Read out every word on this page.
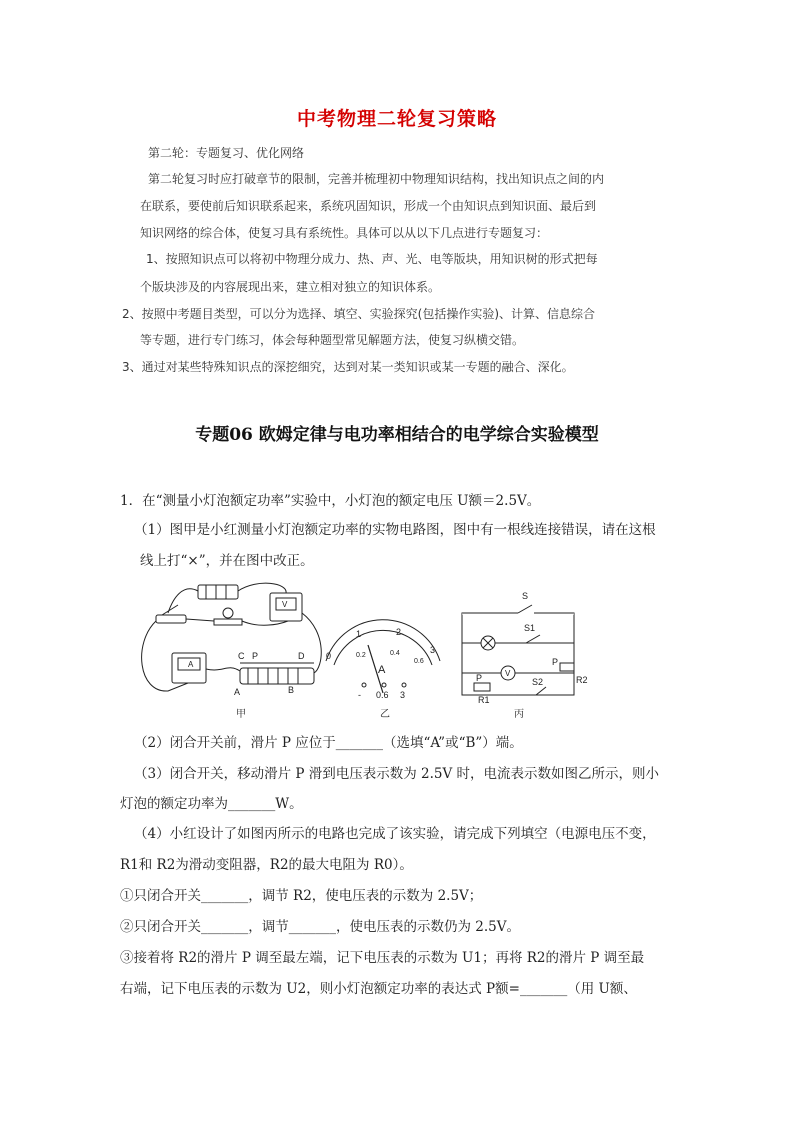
中考物理二轮复习策略
第二轮：专题复习、优化网络
第二轮复习时应打破章节的限制，完善并梳理初中物理知识结构，找出知识点之间的内
在联系，要使前后知识联系起来，系统巩固知识，形成一个由知识点到知识面、最后到
知识网络的综合体，使复习具有系统性。具体可以从以下几点进行专题复习：
1、按照知识点可以将初中物理分成力、热、声、光、电等版块，用知识树的形式把每
个版块涉及的内容展现出来，建立相对独立的知识体系。
2、按照中考题目类型，可以分为选择、填空、实验探究(包括操作实验)、计算、信息综合
等专题，进行专门练习，体会每种题型常见解题方法，使复习纵横交错。
3、通过对某些特殊知识点的深挖细究，达到对某一类知识或某一专题的融合、深化。
专题06 欧姆定律与电功率相结合的电学综合实验模型
1．在“测量小灯泡额定功率”实验中，小灯泡的额定电压 U额＝2.5V。
（1）图甲是小红测量小灯泡额定功率的实物电路图，图中有一根线连接错误，请在这根
线上打“×”，并在图中改正。
A
V
C P	D
A	B
甲
0
1	2
3
0.2	0.4
0.6
A
- 0.6 3
乙
S
S1
P
R2
V
P
R1
S2
丙
（2）闭合开关前，滑片 P 应位于_______（选填“A”或“B”）端。
（3）闭合开关，移动滑片 P 滑到电压表示数为 2.5V 时，电流表示数如图乙所示，则小
灯泡的额定功率为_______W。
（4）小红设计了如图丙所示的电路也完成了该实验，请完成下列填空（电源电压不变，
R1和 R2为滑动变阻器，R2的最大电阻为 R0）。
①只闭合开关_______，调节 R2，使电压表的示数为 2.5V；
②只闭合开关_______，调节_______，使电压表的示数仍为 2.5V。
③接着将 R2的滑片 P 调至最左端，记下电压表的示数为 U1；再将 R2的滑片 P 调至最
右端，记下电压表的示数为 U2，则小灯泡额定功率的表达式 P额=_______（用 U额、
